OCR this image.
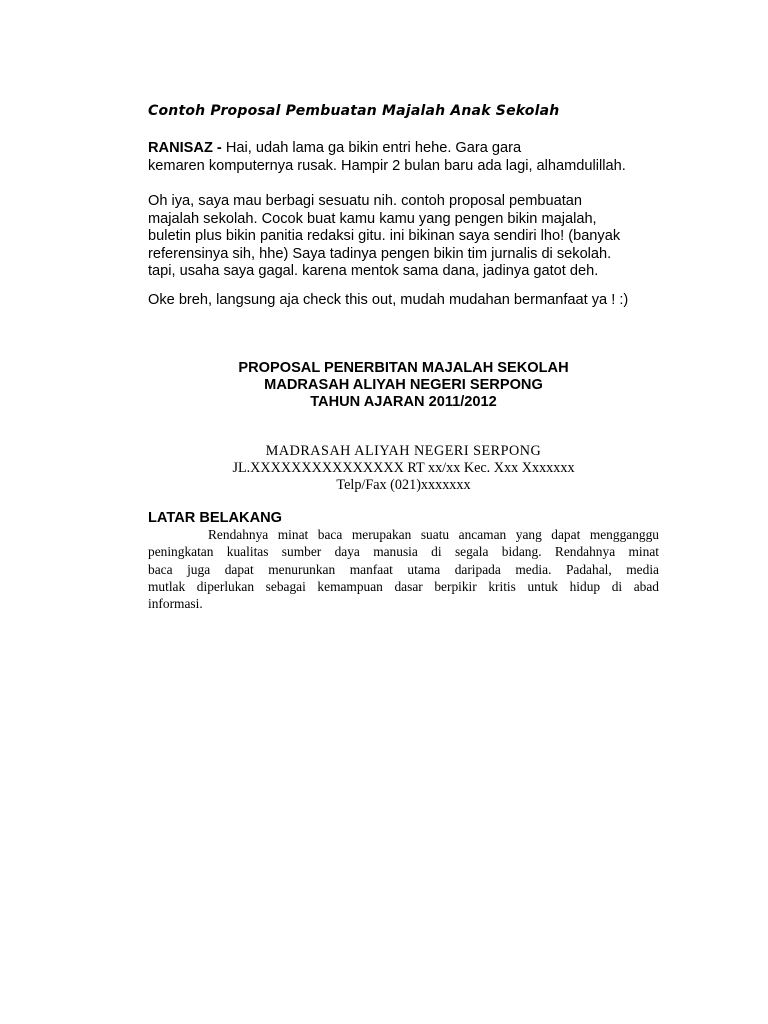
Contoh Proposal Pembuatan Majalah Anak Sekolah
RANISAZ - Hai, udah lama ga bikin entri hehe. Gara gara
kemaren komputernya rusak. Hampir 2 bulan baru ada lagi, alhamdulillah.
Oh iya, saya mau berbagi sesuatu nih. contoh proposal pembuatan
majalah sekolah. Cocok buat kamu kamu yang pengen bikin majalah,
buletin plus bikin panitia redaksi gitu. ini bikinan saya sendiri lho! (banyak
referensinya sih, hhe) Saya tadinya pengen bikin tim jurnalis di sekolah.
tapi, usaha saya gagal. karena mentok sama dana, jadinya gatot deh.
Oke breh, langsung aja check this out, mudah mudahan bermanfaat ya ! :)
PROPOSAL PENERBITAN MAJALAH SEKOLAH
MADRASAH ALIYAH NEGERI SERPONG
TAHUN AJARAN 2011/2012
MADRASAH ALIYAH NEGERI SERPONG
JL.XXXXXXXXXXXXXXX RT xx/xx Kec. Xxx Xxxxxxx
Telp/Fax (021)xxxxxxx
LATAR BELAKANG
Rendahnya minat baca merupakan suatu ancaman yang dapat mengganggu
peningkatan kualitas sumber daya manusia di segala bidang. Rendahnya minat
baca juga dapat menurunkan manfaat utama daripada media. Padahal, media
mutlak diperlukan sebagai kemampuan dasar berpikir kritis untuk hidup di abad
informasi.
